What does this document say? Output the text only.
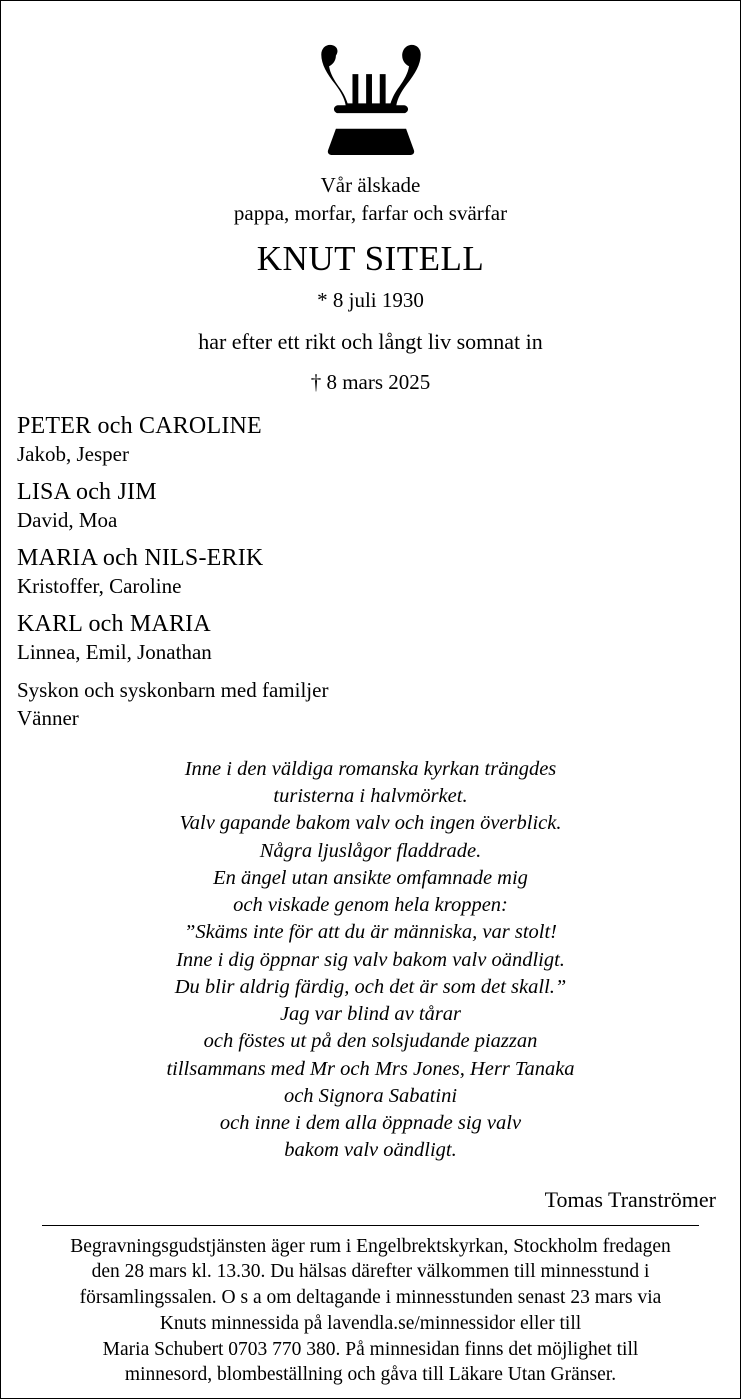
Vår älskade
pappa, morfar, farfar och svärfar
KNUT SITELL
* 8 juli 1930
har efter ett rikt och långt liv somnat in
† 8 mars 2025
PETER och CAROLINE
Jakob, Jesper
LISA och JIM
David, Moa
MARIA och NILS-ERIK
Kristoffer, Caroline
KARL och MARIA
Linnea, Emil, Jonathan
Syskon och syskonbarn med familjer
Vänner
Inne i den väldiga romanska kyrkan trängdes
turisterna i halvmörket.
Valv gapande bakom valv och ingen överblick.
Några ljuslågor fladdrade.
En ängel utan ansikte omfamnade mig
och viskade genom hela kroppen:
”Skäms inte för att du är människa, var stolt!
Inne i dig öppnar sig valv bakom valv oändligt.
Du blir aldrig färdig, och det är som det skall.”
Jag var blind av tårar
och föstes ut på den solsjudande piazzan
tillsammans med Mr och Mrs Jones, Herr Tanaka
och Signora Sabatini
och inne i dem alla öppnade sig valv
bakom valv oändligt.
Tomas Tranströmer
Begravningsgudstjänsten äger rum i Engelbrektskyrkan, Stockholm fredagen
den 28 mars kl. 13.30. Du hälsas därefter välkommen till minnesstund i
församlingssalen. O s a om deltagande i minnesstunden senast 23 mars via
Knuts minnessida på lavendla.se/minnessidor eller till
Maria Schubert 0703 770 380. På minnesidan finns det möjlighet till
minnesord, blombeställning och gåva till Läkare Utan Gränser.
